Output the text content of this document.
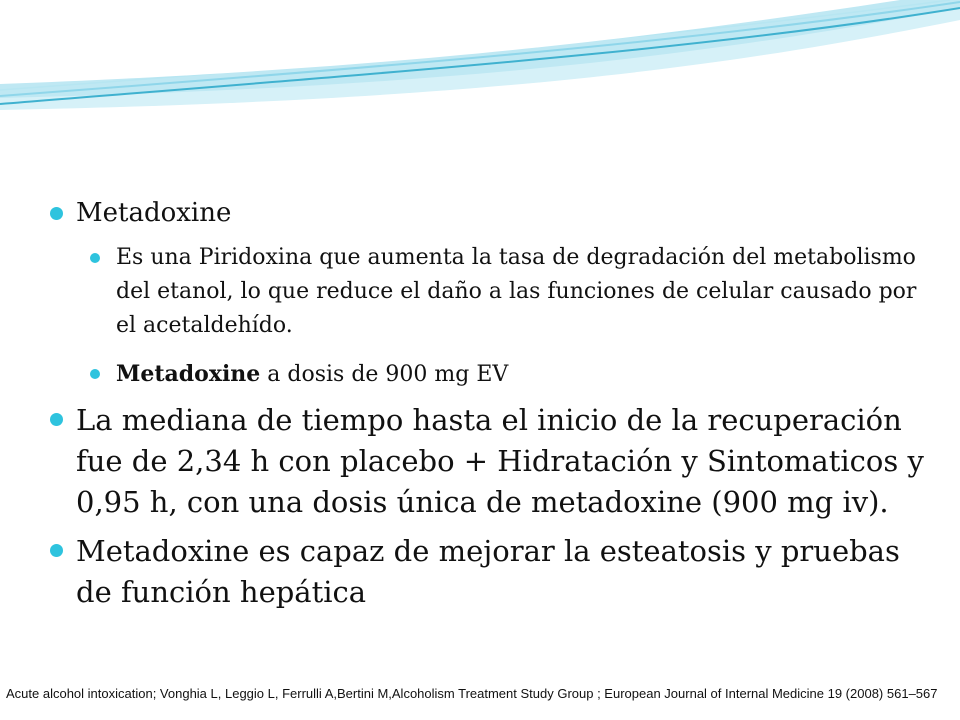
Metadoxine
Es una Piridoxina que aumenta la tasa de degradación del metabolismo del etanol, lo que reduce el daño a las funciones de celular causado por el acetaldehído.
Metadoxine a dosis de 900 mg EV
La mediana de tiempo hasta el inicio de la recuperación fue de 2,34 h con placebo + Hidratación y Sintomaticos y 0,95 h, con una dosis única de metadoxine (900 mg iv).
Metadoxine es capaz de mejorar la esteatosis y pruebas de función hepática
Acute alcohol intoxication; Vonghia L, Leggio L, Ferrulli A,Bertini M,Alcoholism Treatment Study Group ; European Journal of Internal Medicine 19 (2008) 561–567
